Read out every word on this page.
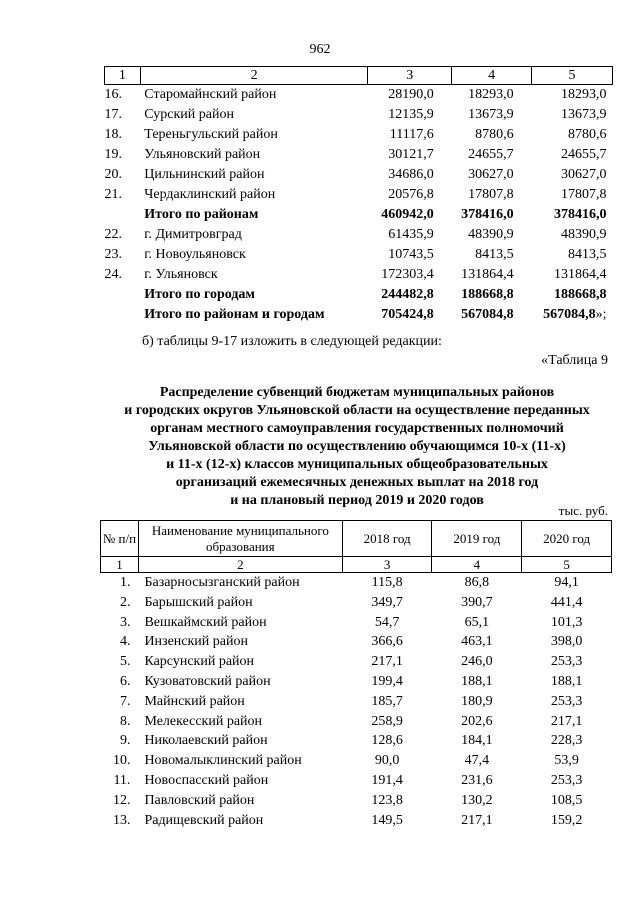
962
1	2	3	4	5
16.	Старомайнский район	28190,0	18293,0	18293,0
17.	Сурский район	12135,9	13673,9	13673,9
18.	Тереньгульский район	11117,6	8780,6	8780,6
19.	Ульяновский район	30121,7	24655,7	24655,7
20.	Цильнинский район	34686,0	30627,0	30627,0
21.	Чердаклинский район	20576,8	17807,8	17807,8
	Итого по районам	460942,0	378416,0	378416,0
22.	г. Димитровград	61435,9	48390,9	48390,9
23.	г. Новоульяновск	10743,5	8413,5	8413,5
24.	г. Ульяновск	172303,4	131864,4	131864,4
	Итого по городам	244482,8	188668,8	188668,8
	Итого по районам и городам	705424,8	567084,8	567084,8»;
б) таблицы 9-17 изложить в следующей редакции:
«Таблица 9
Распределение субвенций бюджетам муниципальных районов
и городских округов Ульяновской области на осуществление переданных
органам местного самоуправления государственных полномочий
Ульяновской области по осуществлению обучающимся 10-х (11-х)
и 11-х (12-х) классов муниципальных общеобразовательных
организаций ежемесячных денежных выплат на 2018 год
и на плановый период 2019 и 2020 годов
тыс. руб.
№ п/п	Наименование муниципального образования	2018 год	2019 год	2020 год
1	2	3	4	5
1.	Базарносызганский район	115,8	86,8	94,1
2.	Барышский район	349,7	390,7	441,4
3.	Вешкаймский район	54,7	65,1	101,3
4.	Инзенский район	366,6	463,1	398,0
5.	Карсунский район	217,1	246,0	253,3
6.	Кузоватовский район	199,4	188,1	188,1
7.	Майнский район	185,7	180,9	253,3
8.	Мелекесский район	258,9	202,6	217,1
9.	Николаевский район	128,6	184,1	228,3
10.	Новомалыклинский район	90,0	47,4	53,9
11.	Новоспасский район	191,4	231,6	253,3
12.	Павловский район	123,8	130,2	108,5
13.	Радищевский район	149,5	217,1	159,2
